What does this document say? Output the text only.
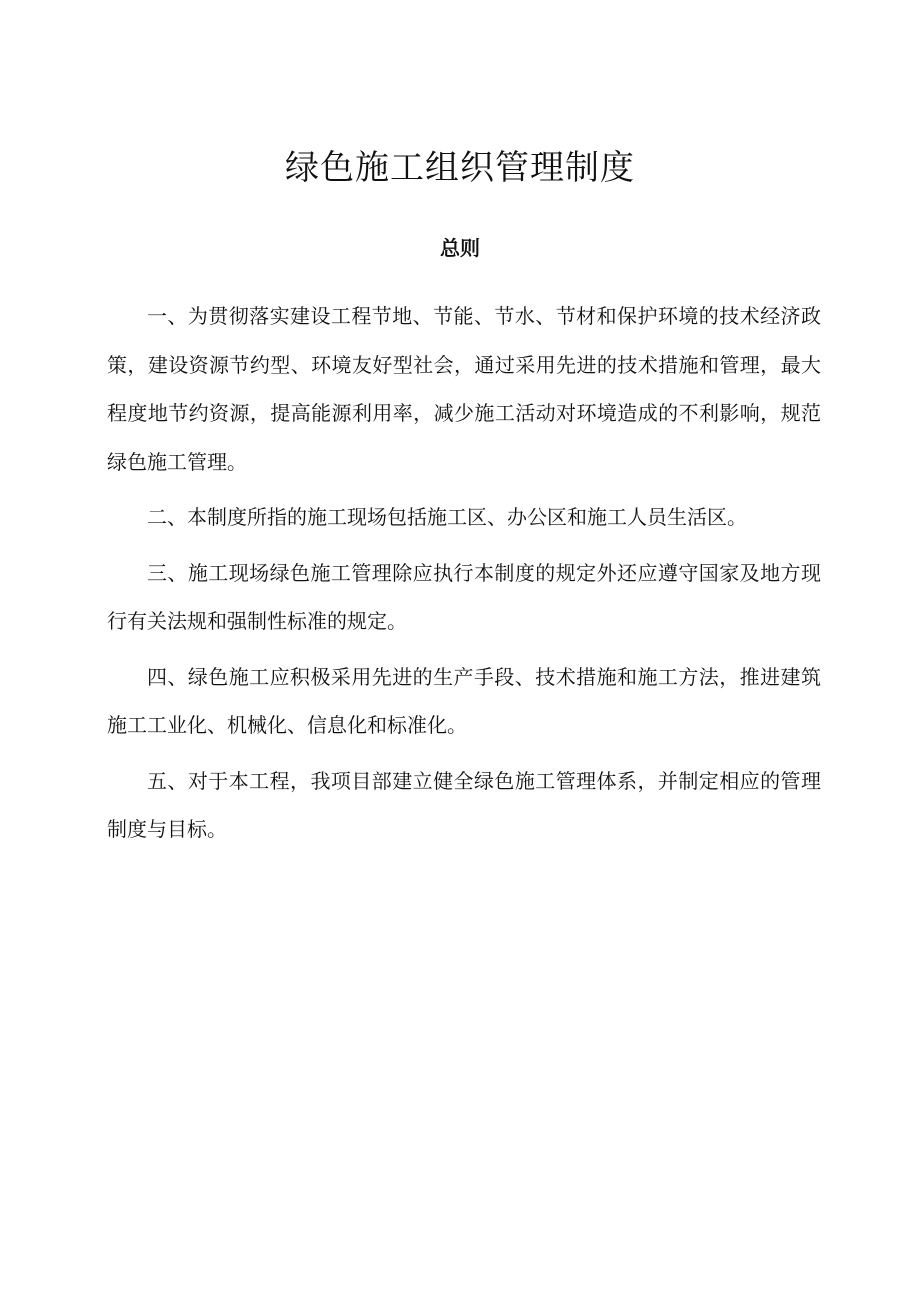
绿色施工组织管理制度
总则

一、为贯彻落实建设工程节地、节能、节水、节材和保护环境的技术经济政策，建设资源节约型、环境友好型社会，通过采用先进的技术措施和管理，最大程度地节约资源，提高能源利用率，减少施工活动对环境造成的不利影响，规范绿色施工管理。

二、本制度所指的施工现场包括施工区、办公区和施工人员生活区。

三、施工现场绿色施工管理除应执行本制度的规定外还应遵守国家及地方现行有关法规和强制性标准的规定。

四、绿色施工应积极采用先进的生产手段、技术措施和施工方法，推进建筑施工工业化、机械化、信息化和标准化。

五、对于本工程，我项目部建立健全绿色施工管理体系，并制定相应的管理制度与目标。
